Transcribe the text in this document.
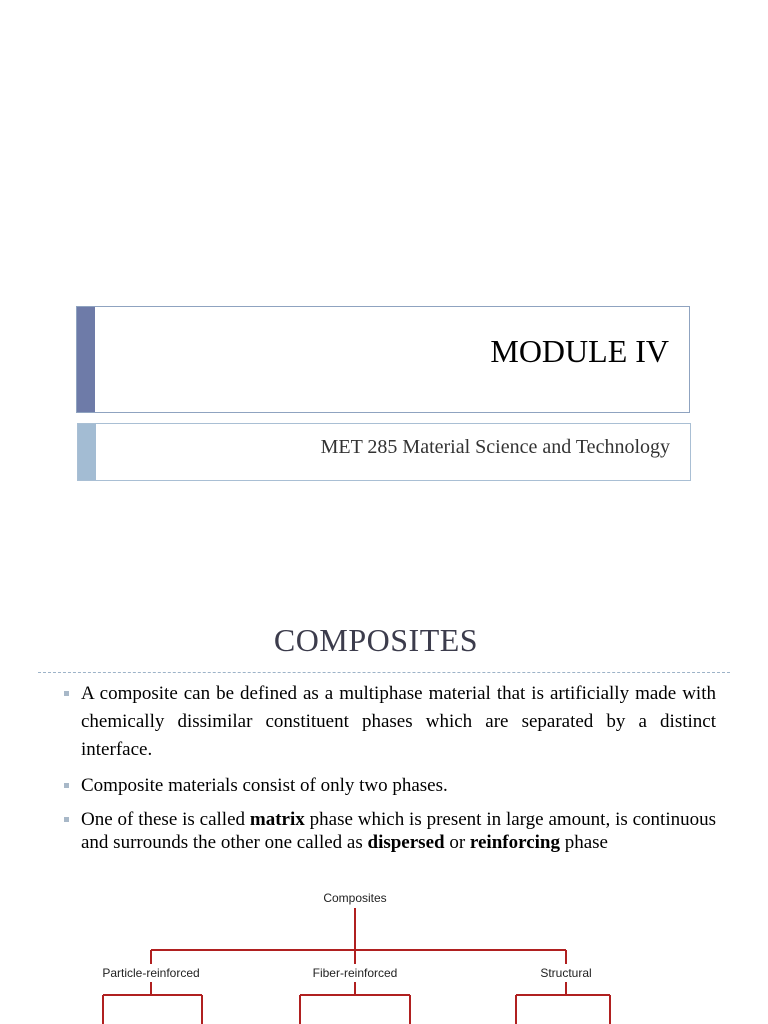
MODULE IV
MET 285 Material Science and Technology
COMPOSITES
A composite can be defined as a multiphase material that is artificially made with chemically dissimilar constituent phases which are separated by a distinct interface.
Composite materials consist of only two phases.
One of these is called matrix phase which is present in large amount, is continuous and surrounds the other one called as dispersed or reinforcing phase
Composites
Particle-reinforced	Fiber-reinforced	Structural
